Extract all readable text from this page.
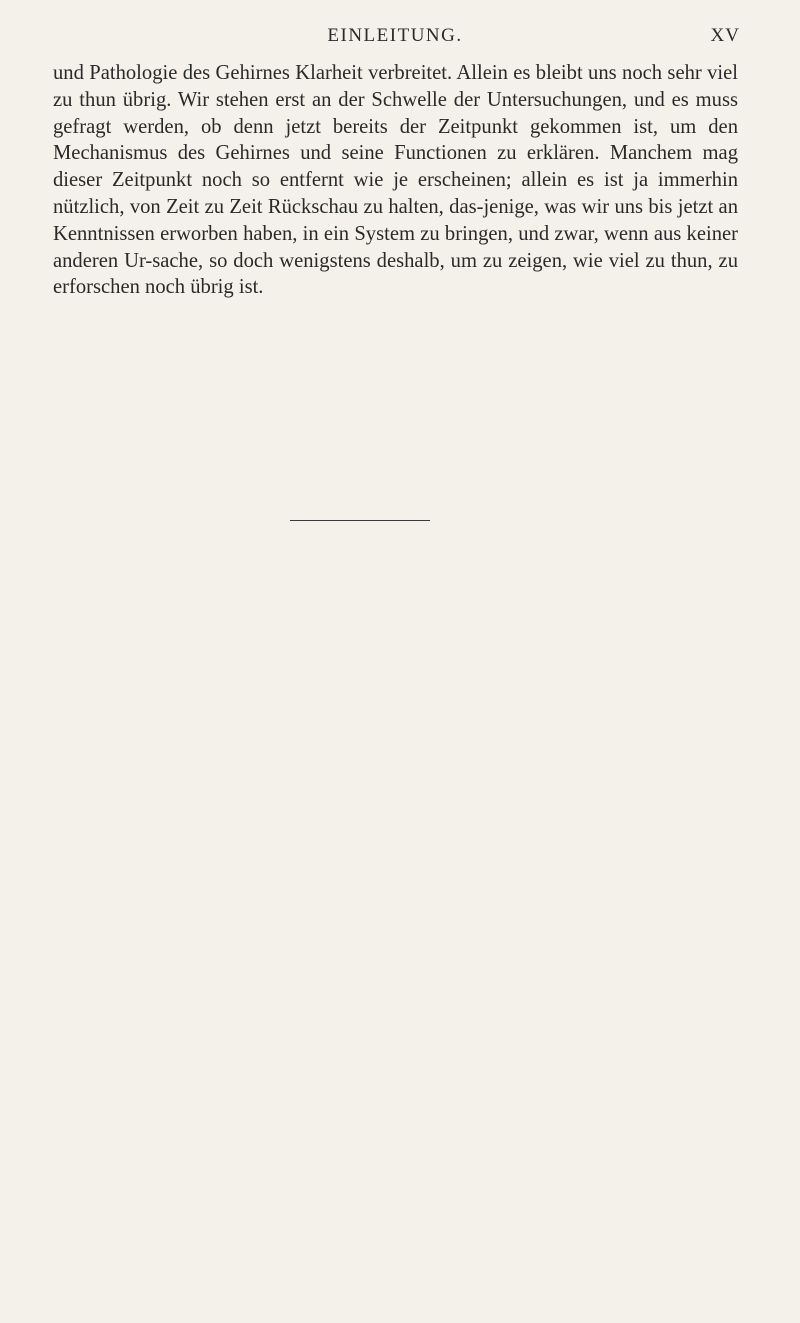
EINLEITUNG.	XV

und Pathologie des Gehirnes Klarheit verbreitet. Allein es bleibt uns noch sehr viel zu thun übrig. Wir stehen erst an der Schwelle der Untersuchungen, und es muss gefragt werden, ob denn jetzt bereits der Zeitpunkt gekommen ist, um den Mechanismus des Gehirnes und seine Functionen zu erklären. Manchem mag dieser Zeitpunkt noch so entfernt wie je erscheinen; allein es ist ja immerhin nützlich, von Zeit zu Zeit Rückschau zu halten, das-jenige, was wir uns bis jetzt an Kenntnissen erworben haben, in ein System zu bringen, und zwar, wenn aus keiner anderen Ur-sache, so doch wenigstens deshalb, um zu zeigen, wie viel zu thun, zu erforschen noch übrig ist.
